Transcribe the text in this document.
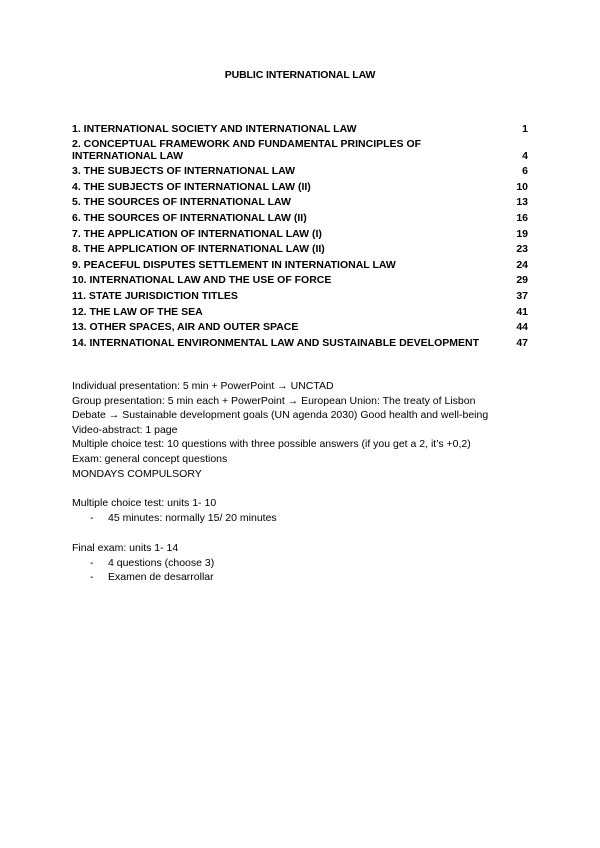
PUBLIC INTERNATIONAL LAW
1. INTERNATIONAL SOCIETY AND INTERNATIONAL LAW	1
2. CONCEPTUAL FRAMEWORK AND FUNDAMENTAL PRINCIPLES OF INTERNATIONAL LAW	4
3. THE SUBJECTS OF INTERNATIONAL LAW	6
4. THE SUBJECTS OF INTERNATIONAL LAW (II)	10
5. THE SOURCES OF INTERNATIONAL LAW	13
6. THE SOURCES OF INTERNATIONAL LAW (II)	16
7. THE APPLICATION OF INTERNATIONAL LAW (I)	19
8. THE APPLICATION OF INTERNATIONAL LAW (II)	23
9. PEACEFUL DISPUTES SETTLEMENT IN INTERNATIONAL LAW	24
10. INTERNATIONAL LAW AND THE USE OF FORCE	29
11. STATE JURISDICTION TITLES	37
12. THE LAW OF THE SEA	41
13. OTHER SPACES, AIR AND OUTER SPACE	44
14. INTERNATIONAL ENVIRONMENTAL LAW AND SUSTAINABLE DEVELOPMENT	47
Individual presentation: 5 min + PowerPoint → UNCTAD
Group presentation: 5 min each + PowerPoint → European Union: The treaty of Lisbon
Debate → Sustainable development goals (UN agenda 2030) Good health and well-being
Video-abstract: 1 page
Multiple choice test: 10 questions with three possible answers (if you get a 2, it’s +0,2)
Exam: general concept questions
MONDAYS COMPULSORY
Multiple choice test: units 1- 10
-	45 minutes: normally 15/ 20 minutes
Final exam: units 1- 14
-	4 questions (choose 3)
-	Examen de desarrollar
